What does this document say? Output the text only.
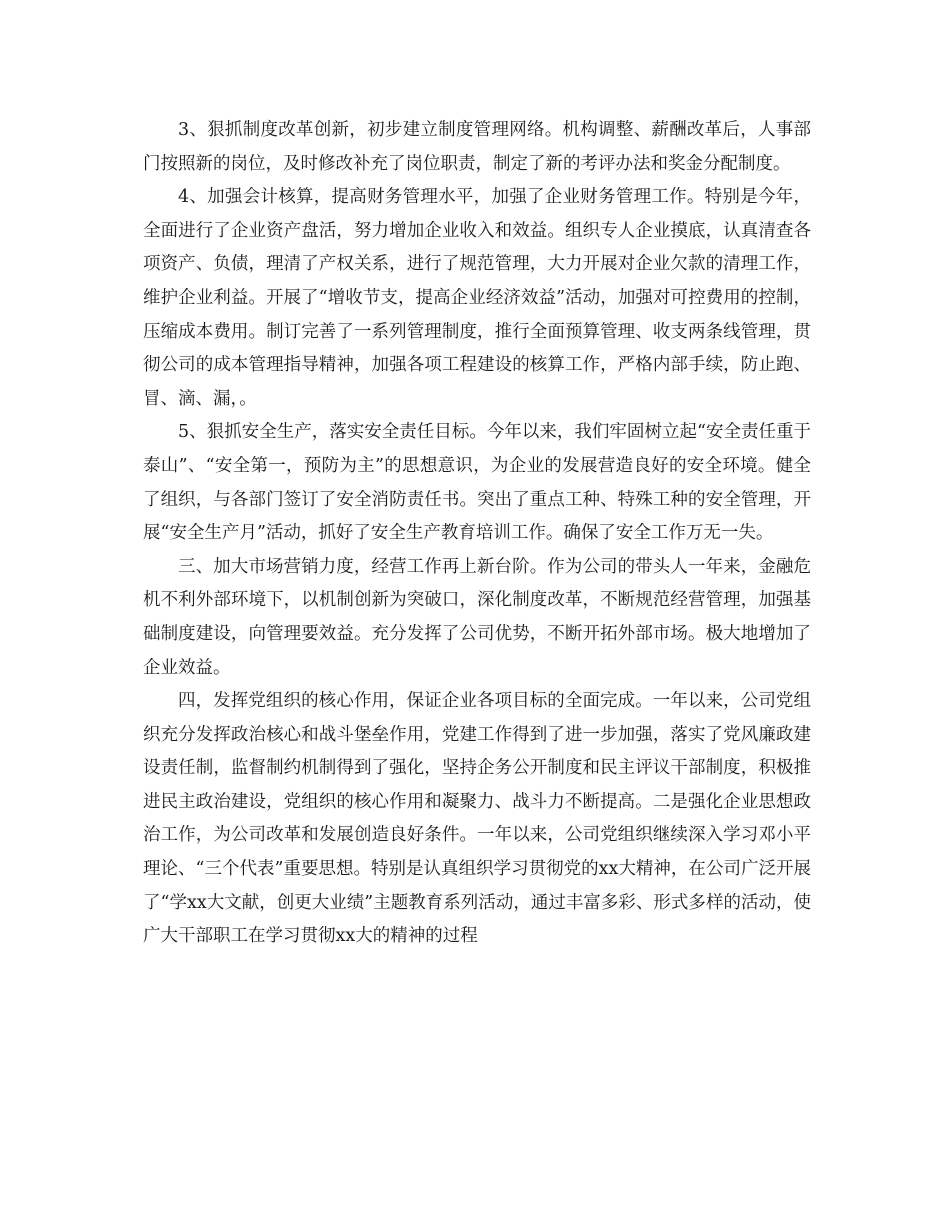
3、狠抓制度改革创新，初步建立制度管理网络。机构调整、薪酬改革后，人事部门按照新的岗位，及时修改补充了岗位职责，制定了新的考评办法和奖金分配制度。

4、加强会计核算，提高财务管理水平，加强了企业财务管理工作。特别是今年，全面进行了企业资产盘活，努力增加企业收入和效益。组织专人企业摸底，认真清查各项资产、负债，理清了产权关系，进行了规范管理，大力开展对企业欠款的清理工作，维护企业利益。开展了“增收节支，提高企业经济效益”活动，加强对可控费用的控制，压缩成本费用。制订完善了一系列管理制度，推行全面预算管理、收支两条线管理，贯彻公司的成本管理指导精神，加强各项工程建设的核算工作，严格内部手续，防止跑、冒、滴、漏，。

5、狠抓安全生产，落实安全责任目标。今年以来，我们牢固树立起“安全责任重于泰山”、“安全第一，预防为主”的思想意识，为企业的发展营造良好的安全环境。健全了组织，与各部门签订了安全消防责任书。突出了重点工种、特殊工种的安全管理，开展“安全生产月”活动，抓好了安全生产教育培训工作。确保了安全工作万无一失。

三、加大市场营销力度，经营工作再上新台阶。作为公司的带头人一年来，金融危机不利外部环境下，以机制创新为突破口，深化制度改革，不断规范经营管理，加强基础制度建设，向管理要效益。充分发挥了公司优势，不断开拓外部市场。极大地增加了企业效益。

四，发挥党组织的核心作用，保证企业各项目标的全面完成。一年以来，公司党组织充分发挥政治核心和战斗堡垒作用，党建工作得到了进一步加强，落实了党风廉政建设责任制，监督制约机制得到了强化，坚持企务公开制度和民主评议干部制度，积极推进民主政治建设，党组织的核心作用和凝聚力、战斗力不断提高。二是强化企业思想政治工作，为公司改革和发展创造良好条件。一年以来，公司党组织继续深入学习邓小平理论、“三个代表”重要思想。特别是认真组织学习贯彻党的xx大精神，在公司广泛开展了“学xx大文献，创更大业绩”主题教育系列活动，通过丰富多彩、形式多样的活动，使广大干部职工在学习贯彻xx大的精神的过程
